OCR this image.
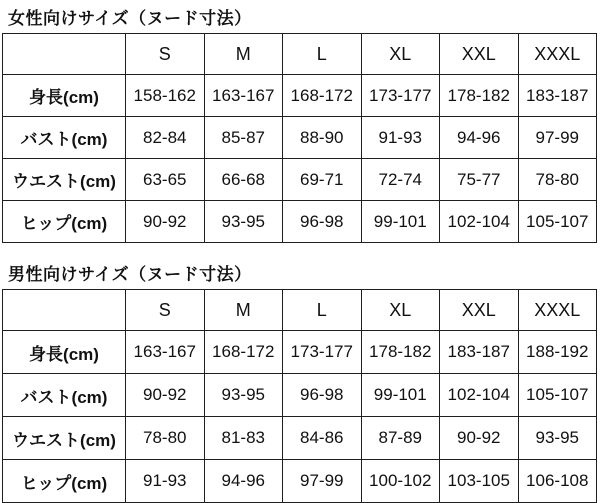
女性向けサイズ（ヌード寸法）
	S	M	L	XL	XXL	XXXL
身長(cm)	158-162	163-167	168-172	173-177	178-182	183-187
バスト(cm)	82-84	85-87	88-90	91-93	94-96	97-99
ウエスト(cm)	63-65	66-68	69-71	72-74	75-77	78-80
ヒップ(cm)	90-92	93-95	96-98	99-101	102-104	105-107
男性向けサイズ（ヌード寸法）
	S	M	L	XL	XXL	XXXL
身長(cm)	163-167	168-172	173-177	178-182	183-187	188-192
バスト(cm)	90-92	93-95	96-98	99-101	102-104	105-107
ウエスト(cm)	78-80	81-83	84-86	87-89	90-92	93-95
ヒップ(cm)	91-93	94-96	97-99	100-102	103-105	106-108
